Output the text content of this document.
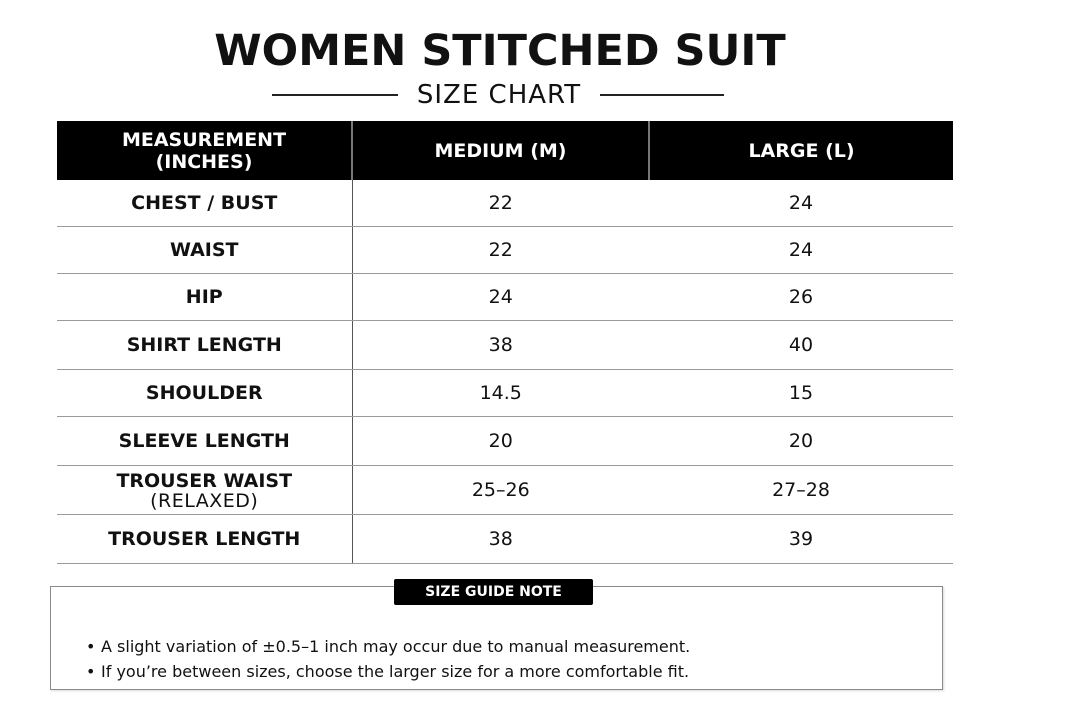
WOMEN STITCHED SUIT
SIZE CHART
MEASUREMENT
(INCHES)	MEDIUM (M)	LARGE (L)
CHEST / BUST	22	24
WAIST	22	24
HIP	24	26
SHIRT LENGTH	38	40
SHOULDER	14.5	15
SLEEVE LENGTH	20	20

TROUSER WAIST
(RELAXED)	25–26	27–28
TROUSER LENGTH	38	39
SIZE GUIDE NOTE
• A slight variation of ±0.5–1 inch may occur due to manual measurement.
• If you’re between sizes, choose the larger size for a more comfortable fit.
